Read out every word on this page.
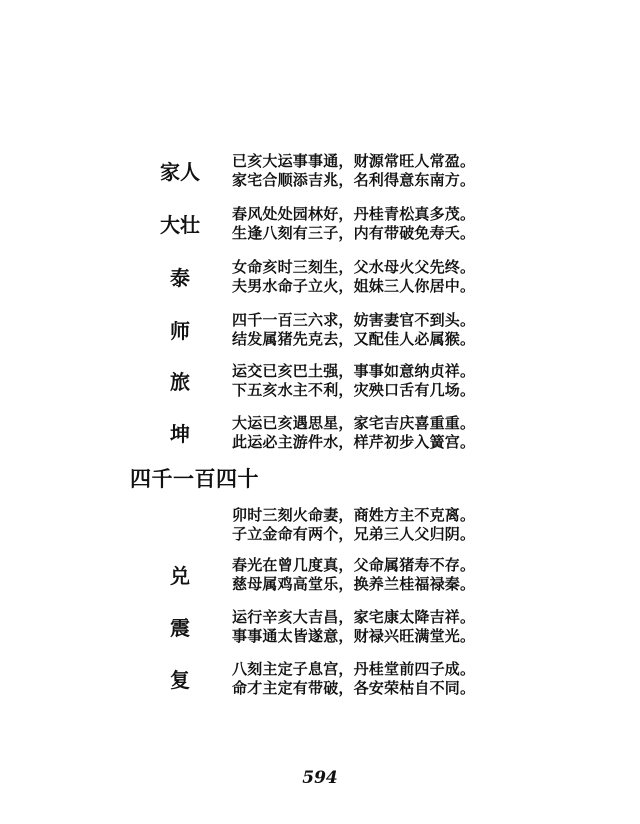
家人	已亥大运事事通，财源常旺人常盈。
家宅合顺添吉兆，名利得意东南方。
大壮	春风处处园林好，丹桂青松真多茂。
生逢八刻有三子，内有带破免寿夭。
泰	女命亥时三刻生，父水母火父先终。
夫男水命子立火，姐妹三人你居中。
师	四千一百三六求，妨害妻官不到头。
结发属猪先克去，又配佳人必属猴。
旅	运交已亥巴土强，事事如意纳贞祥。
下五亥水主不利，灾殃口舌有几场。
坤	大运已亥遇思星，家宅吉庆喜重重。
此运必主游件水，样芹初步入簧宫。
四千一百四十
卯时三刻火命妻，商姓方主不克离。
子立金命有两个，兄弟三人父归阴。
兑	春光在曾几度真，父命属猪寿不存。
慈母属鸡高堂乐，换养兰桂福禄秦。
震	运行辛亥大吉昌，家宅康太降吉祥。
事事通太皆遂意，财禄兴旺满堂光。
复	八刻主定子息宫，丹桂堂前四子成。
命才主定有带破，各安荣枯自不同。
594
